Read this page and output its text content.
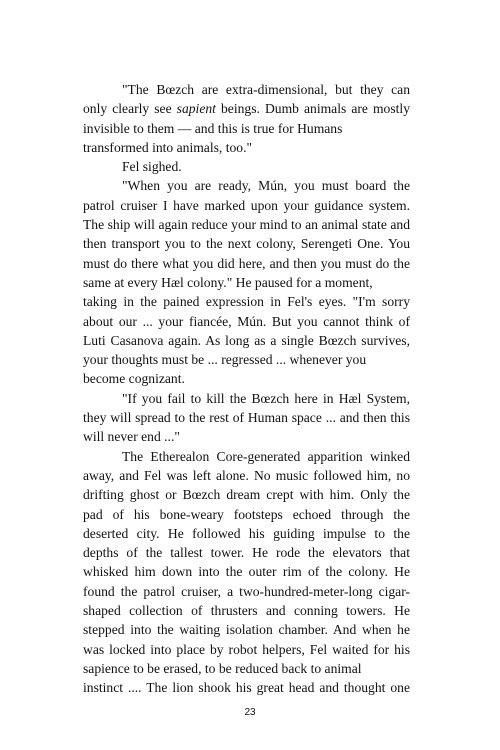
"The Bœzch are extra-dimensional, but they can
only clearly see sapient beings. Dumb animals are mostly
invisible to them — and this is true for Humans
transformed into animals, too."
Fel sighed.
"When you are ready, Mún, you must board the
patrol cruiser I have marked upon your guidance system.
The ship will again reduce your mind to an animal state and
then transport you to the next colony, Serengeti One. You
must do there what you did here, and then you must do the
same at every Hæl colony." He paused for a moment,
taking in the pained expression in Fel's eyes. "I'm sorry
about our ... your fiancée, Mún. But you cannot think of
Luti Casanova again. As long as a single Bœzch survives,
your thoughts must be ... regressed ... whenever you
become cognizant.
"If you fail to kill the Bœzch here in Hæl System,
they will spread to the rest of Human space ... and then this
will never end ..."
The Etherealon Core-generated apparition winked
away, and Fel was left alone. No music followed him, no
drifting ghost or Bœzch dream crept with him. Only the
pad of his bone-weary footsteps echoed through the
deserted city. He followed his guiding impulse to the
depths of the tallest tower. He rode the elevators that
whisked him down into the outer rim of the colony. He
found the patrol cruiser, a two-hundred-meter-long cigar-
shaped collection of thrusters and conning towers. He
stepped into the waiting isolation chamber. And when he
was locked into place by robot helpers, Fel waited for his
sapience to be erased, to be reduced back to animal
instinct .... The lion shook his great head and thought one
23
